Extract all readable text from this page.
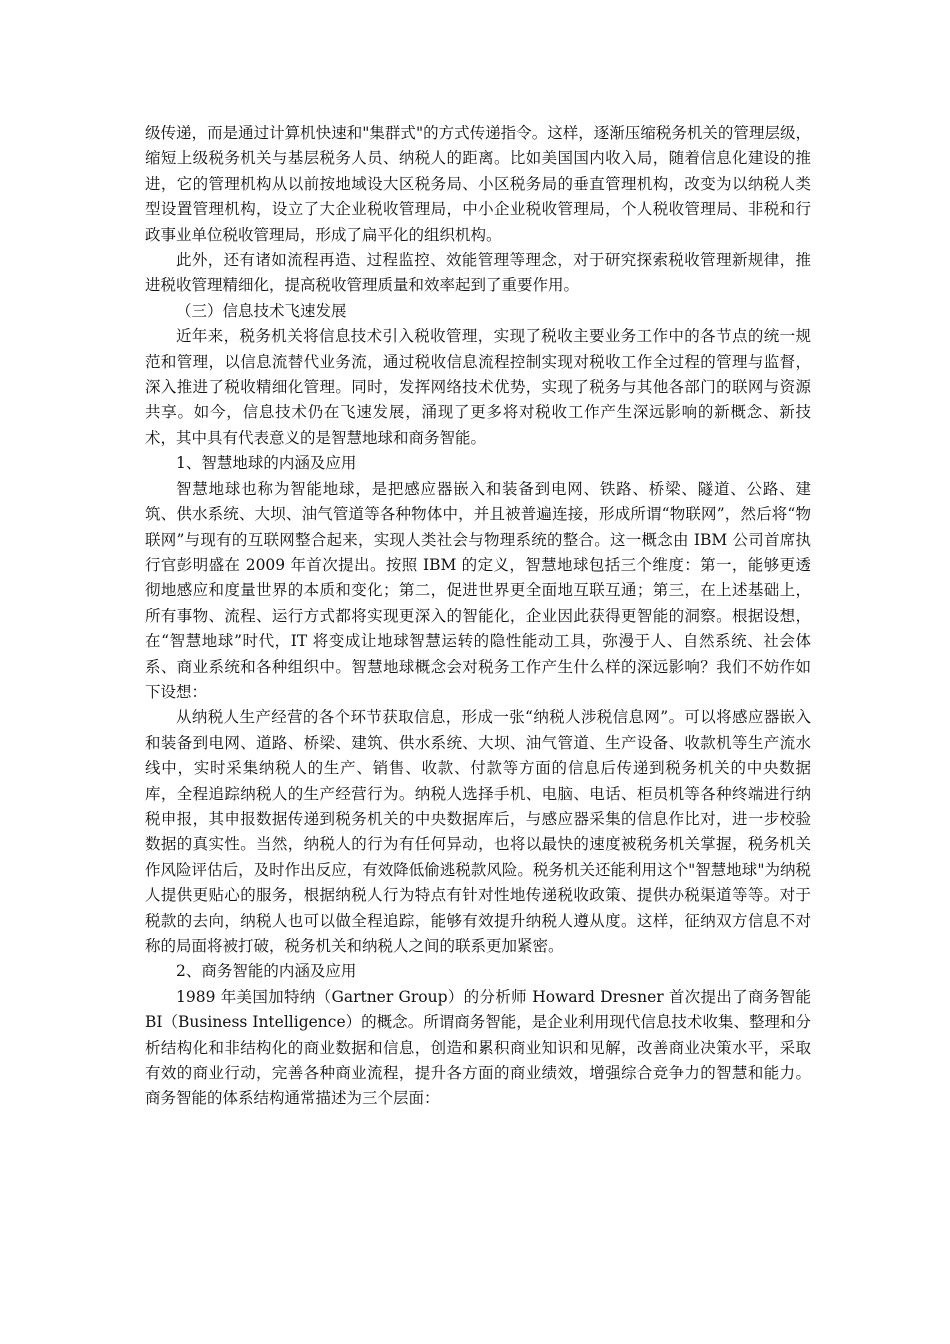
级传递，而是通过计算机快速和"集群式"的方式传递指令。这样，逐渐压缩税务机关的管理层级，缩短上级税务机关与基层税务人员、纳税人的距离。比如美国国内收入局，随着信息化建设的推进，它的管理机构从以前按地域设大区税务局、小区税务局的垂直管理机构，改变为以纳税人类型设置管理机构，设立了大企业税收管理局，中小企业税收管理局，个人税收管理局、非税和行政事业单位税收管理局，形成了扁平化的组织机构。

此外，还有诸如流程再造、过程监控、效能管理等理念，对于研究探索税收管理新规律，推进税收管理精细化，提高税收管理质量和效率起到了重要作用。

（三）信息技术飞速发展

近年来，税务机关将信息技术引入税收管理，实现了税收主要业务工作中的各节点的统一规范和管理，以信息流替代业务流，通过税收信息流程控制实现对税收工作全过程的管理与监督，深入推进了税收精细化管理。同时，发挥网络技术优势，实现了税务与其他各部门的联网与资源共享。如今，信息技术仍在飞速发展，涌现了更多将对税收工作产生深远影响的新概念、新技术，其中具有代表意义的是智慧地球和商务智能。

1、智慧地球的内涵及应用

智慧地球也称为智能地球，是把感应器嵌入和装备到电网、铁路、桥梁、隧道、公路、建筑、供水系统、大坝、油气管道等各种物体中，并且被普遍连接，形成所谓“物联网”，然后将“物联网”与现有的互联网整合起来，实现人类社会与物理系统的整合。这一概念由 IBM 公司首席执行官彭明盛在 2009 年首次提出。按照 IBM 的定义，智慧地球包括三个维度：第一，能够更透彻地感应和度量世界的本质和变化；第二，促进世界更全面地互联互通；第三，在上述基础上，所有事物、流程、运行方式都将实现更深入的智能化，企业因此获得更智能的洞察。根据设想，在“智慧地球”时代，IT 将变成让地球智慧运转的隐性能动工具，弥漫于人、自然系统、社会体系、商业系统和各种组织中。智慧地球概念会对税务工作产生什么样的深远影响？我们不妨作如下设想：

从纳税人生产经营的各个环节获取信息，形成一张“纳税人涉税信息网”。可以将感应器嵌入和装备到电网、道路、桥梁、建筑、供水系统、大坝、油气管道、生产设备、收款机等生产流水线中，实时采集纳税人的生产、销售、收款、付款等方面的信息后传递到税务机关的中央数据库，全程追踪纳税人的生产经营行为。纳税人选择手机、电脑、电话、柜员机等各种终端进行纳税申报，其申报数据传递到税务机关的中央数据库后，与感应器采集的信息作比对，进一步校验数据的真实性。当然，纳税人的行为有任何异动，也将以最快的速度被税务机关掌握，税务机关作风险评估后，及时作出反应，有效降低偷逃税款风险。税务机关还能利用这个"智慧地球"为纳税人提供更贴心的服务，根据纳税人行为特点有针对性地传递税收政策、提供办税渠道等等。对于税款的去向，纳税人也可以做全程追踪，能够有效提升纳税人遵从度。这样，征纳双方信息不对称的局面将被打破，税务机关和纳税人之间的联系更加紧密。

2、商务智能的内涵及应用

1989 年美国加特纳（Gartner Group）的分析师 Howard Dresner 首次提出了商务智能 BI（Business Intelligence）的概念。所谓商务智能，是企业利用现代信息技术收集、整理和分析结构化和非结构化的商业数据和信息，创造和累积商业知识和见解，改善商业决策水平，采取有效的商业行动，完善各种商业流程，提升各方面的商业绩效，增强综合竞争力的智慧和能力。商务智能的体系结构通常描述为三个层面：
